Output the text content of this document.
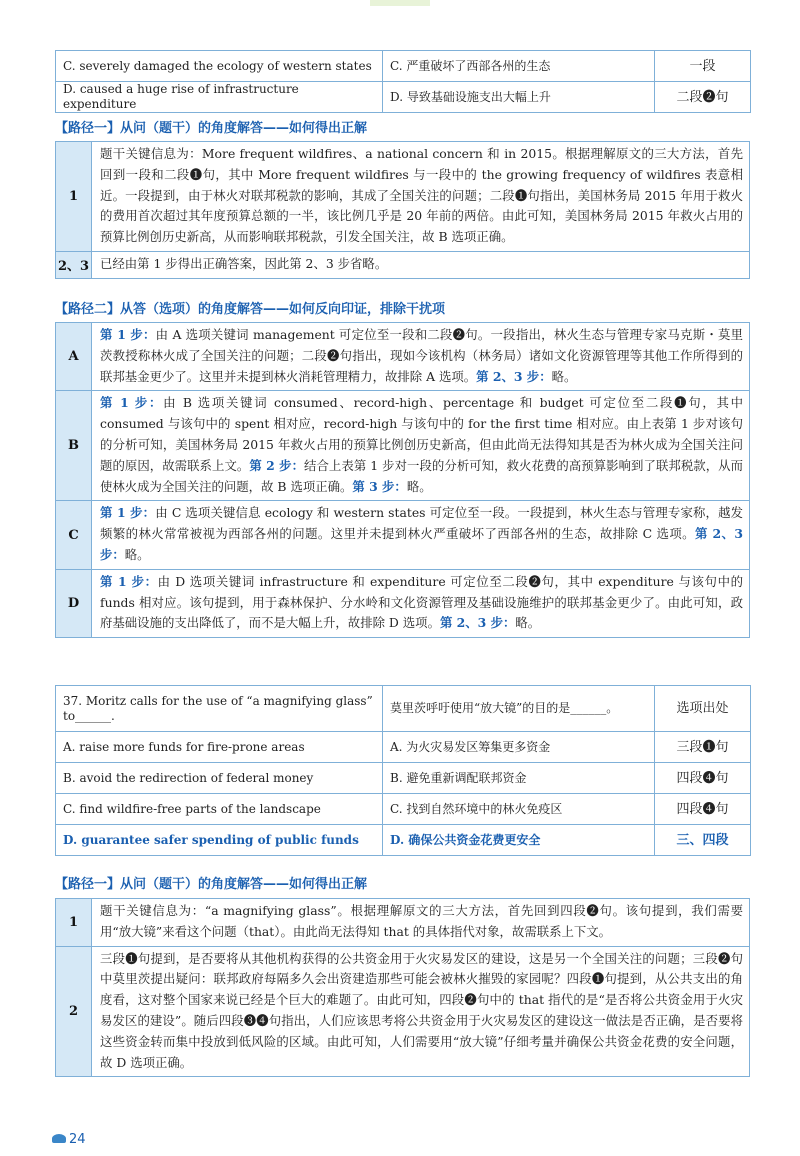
C. severely damaged the ecology of western states	C. 严重破坏了西部各州的生态	一段
D. caused a huge rise of infrastructure expenditure	D. 导致基础设施支出大幅上升	二段❷句
【路径一】从问（题干）的角度解答——如何得出正解
1	题干关键信息为：More frequent wildfires、a national concern 和 in 2015。根据理解原文的三大方法，首先回到一段和二段❶句，其中 More frequent wildfires 与一段中的 the growing frequency of wildfires 表意相近。一段提到，由于林火对联邦税款的影响，其成了全国关注的问题；二段❶句指出，美国林务局 2015 年用于救火的费用首次超过其年度预算总额的一半，该比例几乎是 20 年前的两倍。由此可知，美国林务局 2015 年救火占用的预算比例创历史新高，从而影响联邦税款，引发全国关注，故 B 选项正确。
2、3	已经由第 1 步得出正确答案，因此第 2、3 步省略。
【路径二】从答（选项）的角度解答——如何反向印证，排除干扰项
A	第 1 步：由 A 选项关键词 management 可定位至一段和二段❷句。一段指出，林火生态与管理专家马克斯・莫里茨教授称林火成了全国关注的问题；二段❷句指出，现如今该机构（林务局）诸如文化资源管理等其他工作所得到的联邦基金更少了。这里并未提到林火消耗管理精力，故排除 A 选项。第 2、3 步：略。
B	第 1 步：由 B 选项关键词 consumed、record-high、percentage 和 budget 可定位至二段❶句，其中 consumed 与该句中的 spent 相对应，record-high 与该句中的 for the first time 相对应。由上表第 1 步对该句的分析可知，美国林务局 2015 年救火占用的预算比例创历史新高，但由此尚无法得知其是否为林火成为全国关注问题的原因，故需联系上文。第 2 步：结合上表第 1 步对一段的分析可知，救火花费的高预算影响到了联邦税款，从而使林火成为全国关注的问题，故 B 选项正确。第 3 步：略。
C	第 1 步：由 C 选项关键信息 ecology 和 western states 可定位至一段。一段提到，林火生态与管理专家称，越发频繁的林火常常被视为西部各州的问题。这里并未提到林火严重破坏了西部各州的生态，故排除 C 选项。第 2、3 步：略。
D	第 1 步：由 D 选项关键词 infrastructure 和 expenditure 可定位至二段❷句，其中 expenditure 与该句中的 funds 相对应。该句提到，用于森林保护、分水岭和文化资源管理及基础设施维护的联邦基金更少了。由此可知，政府基础设施的支出降低了，而不是大幅上升，故排除 D 选项。第 2、3 步：略。
37. Moritz calls for the use of “a magnifying glass” to______.	莫里茨呼吁使用“放大镜”的目的是______。	选项出处
A. raise more funds for fire-prone areas	A. 为火灾易发区筹集更多资金	三段❶句
B. avoid the redirection of federal money	B. 避免重新调配联邦资金	四段❹句
C. find wildfire-free parts of the landscape	C. 找到自然环境中的林火免疫区	四段❹句
D. guarantee safer spending of public funds	D. 确保公共资金花费更安全	三、四段
【路径一】从问（题干）的角度解答——如何得出正解
1	题干关键信息为：“a magnifying glass”。根据理解原文的三大方法，首先回到四段❷句。该句提到，我们需要用“放大镜”来看这个问题（that）。由此尚无法得知 that 的具体指代对象，故需联系上下文。
2	三段❶句提到，是否要将从其他机构获得的公共资金用于火灾易发区的建设，这是另一个全国关注的问题；三段❷句中莫里茨提出疑问：联邦政府每隔多久会出资建造那些可能会被林火摧毁的家园呢？四段❶句提到，从公共支出的角度看，这对整个国家来说已经是个巨大的难题了。由此可知，四段❷句中的 that 指代的是“是否将公共资金用于火灾易发区的建设”。随后四段❸❹句指出，人们应该思考将公共资金用于火灾易发区的建设这一做法是否正确，是否要将这些资金转而集中投放到低风险的区域。由此可知，人们需要用“放大镜”仔细考量并确保公共资金花费的安全问题，故 D 选项正确。
24
